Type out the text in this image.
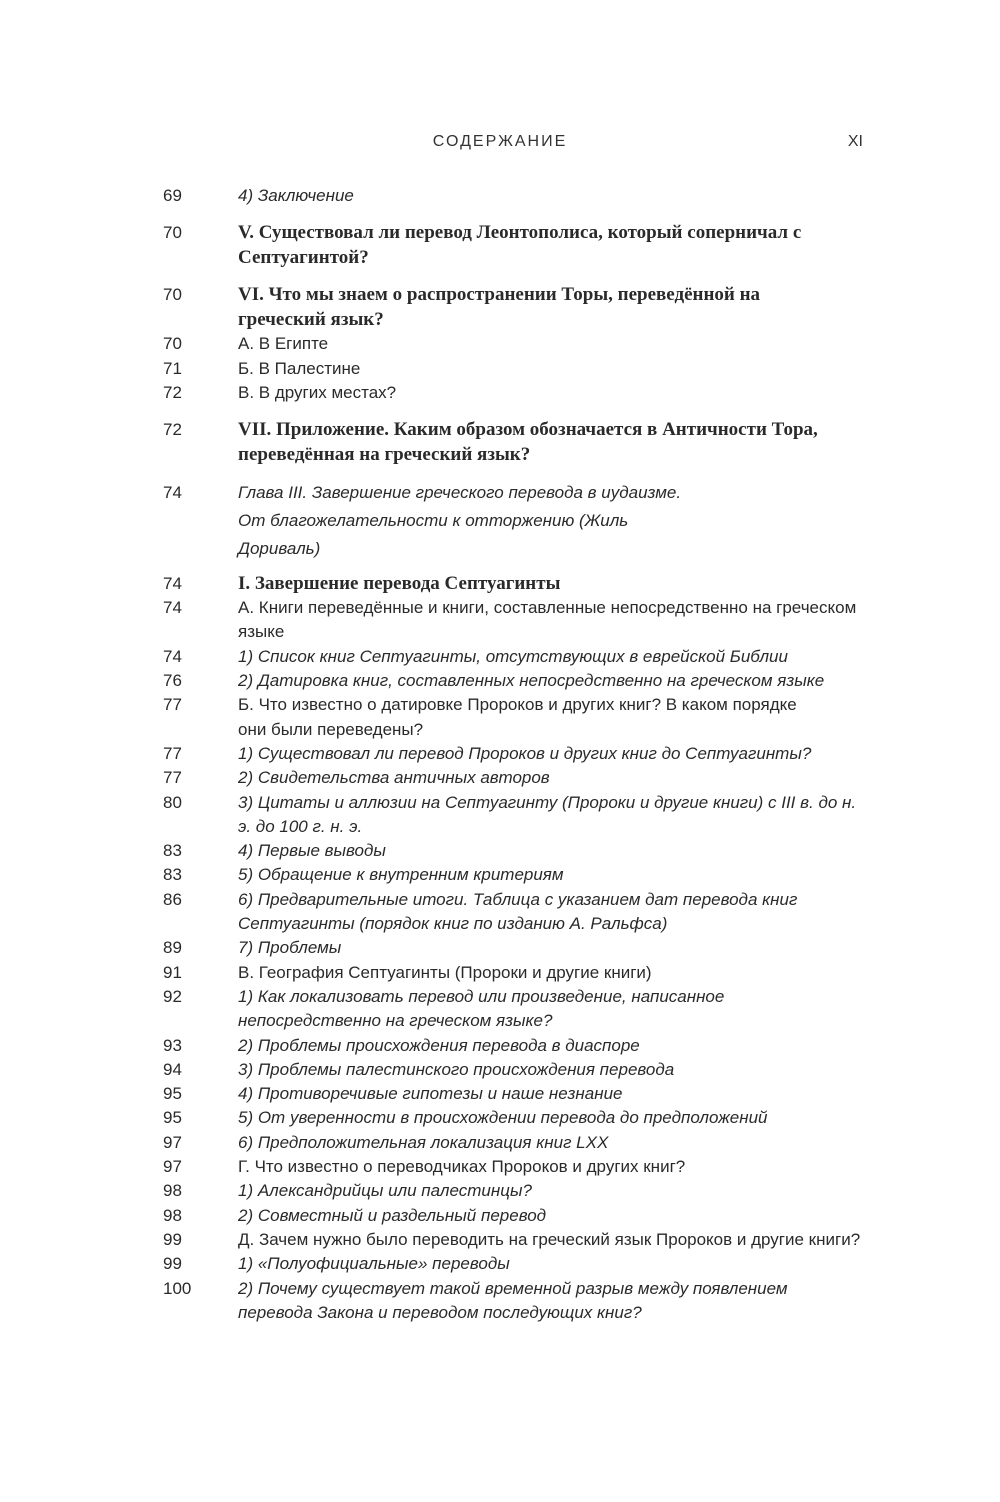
СОДЕРЖАНИЕ	XI
69	4) Заключение
70	V. Существовал ли перевод Леонтополиса, который соперничал с Септуагинтой?
70	VI. Что мы знаем о распространении Торы, переведённой на греческий язык?
70	А. В Египте
71	Б. В Палестине
72	В. В других местах?
72	VII. Приложение. Каким образом обозначается в Античности Тора, переведённая на греческий язык?
74	Глава III. Завершение греческого перевода в иудаизме. От благожелательности к отторжению (Жиль Дориваль)
74	I. Завершение перевода Септуагинты
74	А. Книги переведённые и книги, составленные непосредственно на греческом языке
74	1) Список книг Септуагинты, отсутствующих в еврейской Библии
76	2) Датировка книг, составленных непосредственно на греческом языке
77	Б. Что известно о датировке Пророков и других книг? В каком порядке они были переведены?
77	1) Существовал ли перевод Пророков и других книг до Септуагинты?
77	2) Свидетельства античных авторов
80	3) Цитаты и аллюзии на Септуагинту (Пророки и другие книги) с III в. до н. э. до 100 г. н. э.
83	4) Первые выводы
83	5) Обращение к внутренним критериям
86	6) Предварительные итоги. Таблица с указанием дат перевода книг Септуагинты (порядок книг по изданию А. Ральфса)
89	7) Проблемы
91	В. География Септуагинты (Пророки и другие книги)
92	1) Как локализовать перевод или произведение, написанное непосредственно на греческом языке?
93	2) Проблемы происхождения перевода в диаспоре
94	3) Проблемы палестинского происхождения перевода
95	4) Противоречивые гипотезы и наше незнание
95	5) От уверенности в происхождении перевода до предположений
97	6) Предположительная локализация книг LXX
97	Г. Что известно о переводчиках Пророков и других книг?
98	1) Александрийцы или палестинцы?
98	2) Совместный и раздельный перевод
99	Д. Зачем нужно было переводить на греческий язык Пророков и другие книги?
99	1) «Полуофициальные» переводы
100	2) Почему существует такой временной разрыв между появлением перевода Закона и переводом последующих книг?
